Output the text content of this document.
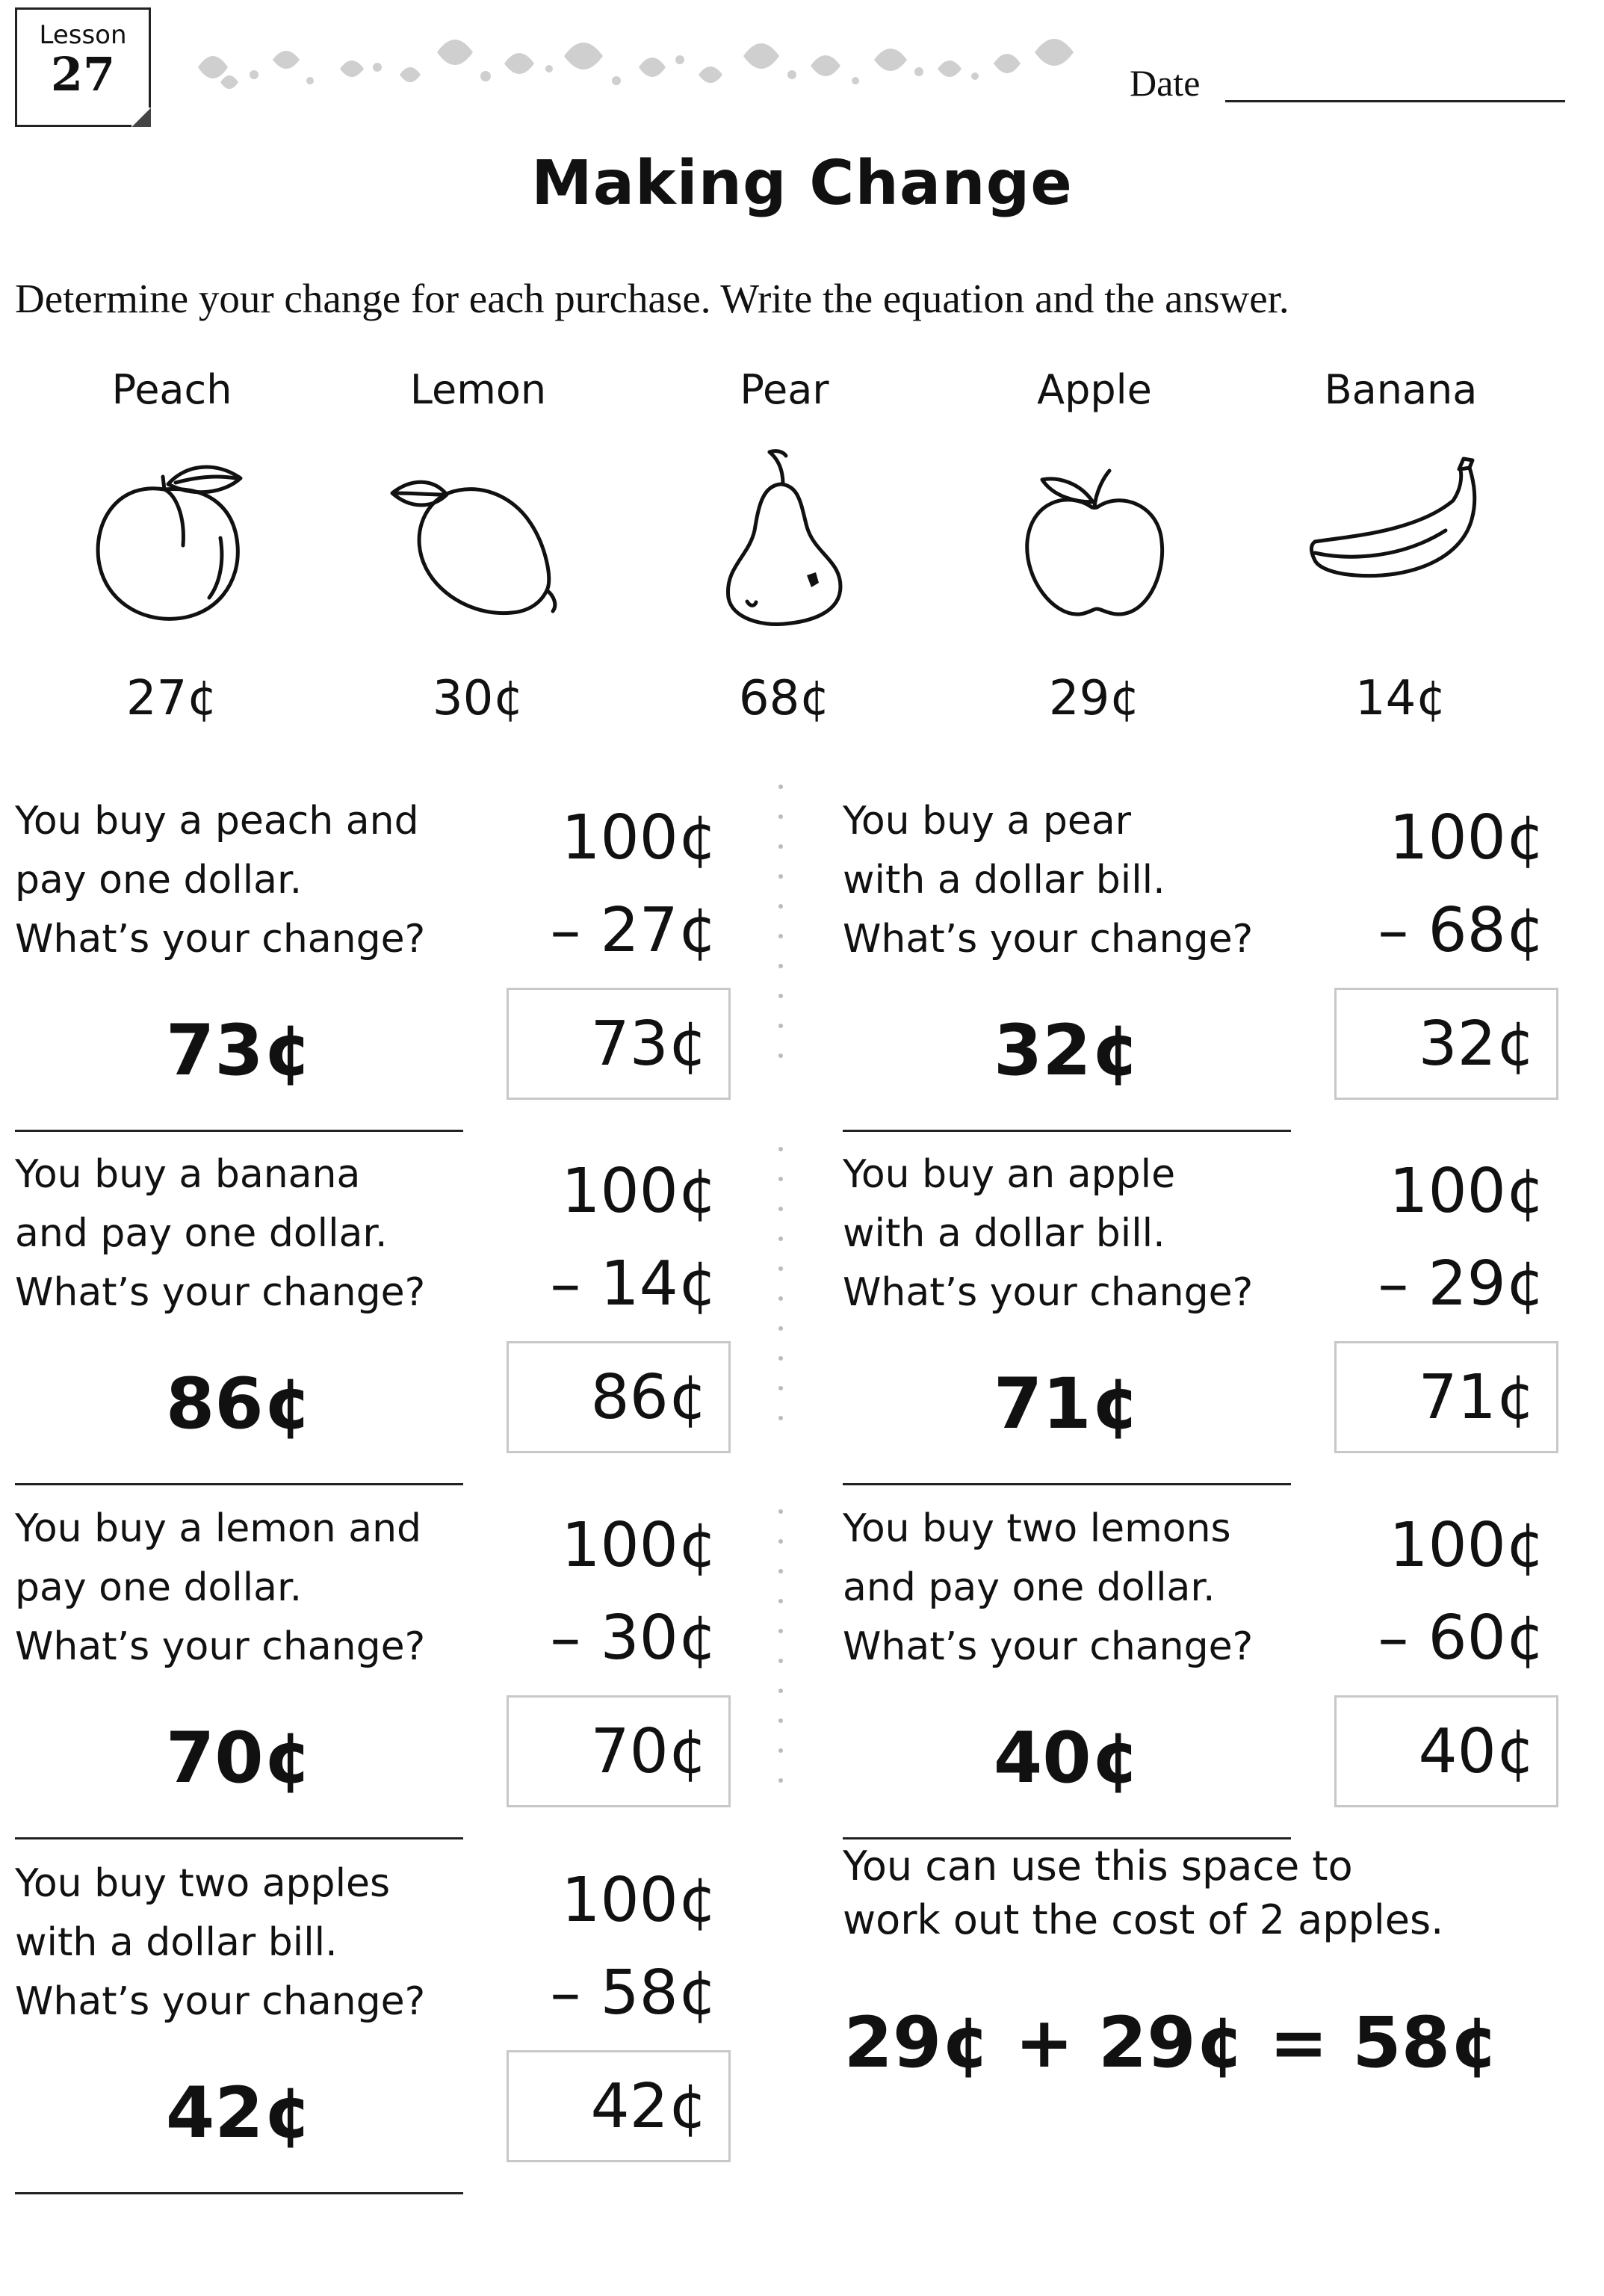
Lesson
27	Date
Making Change
Determine your change for each purchase. Write the equation and the answer.
Peach
27¢
Lemon
30¢
Pear
68¢
Apple
29¢
Banana
14¢
You buy a peach and
pay one dollar.
What’s your change?
100¢
– 27¢
73¢	73¢
You buy a pear
with a dollar bill.
What’s your change?
100¢
– 68¢
32¢	32¢
You buy a banana
and pay one dollar.
What’s your change?
100¢
– 14¢
86¢	86¢
You buy an apple
with a dollar bill.
What’s your change?
100¢
– 29¢
71¢	71¢
You buy a lemon and
pay one dollar.
What’s your change?
100¢
– 30¢
70¢	70¢
You buy two lemons
and pay one dollar.
What’s your change?
100¢
– 60¢
40¢	40¢
You buy two apples
with a dollar bill.
What’s your change?
100¢
– 58¢
42¢	42¢
You can use this space to
work out the cost of 2 apples.
29¢ + 29¢ = 58¢
